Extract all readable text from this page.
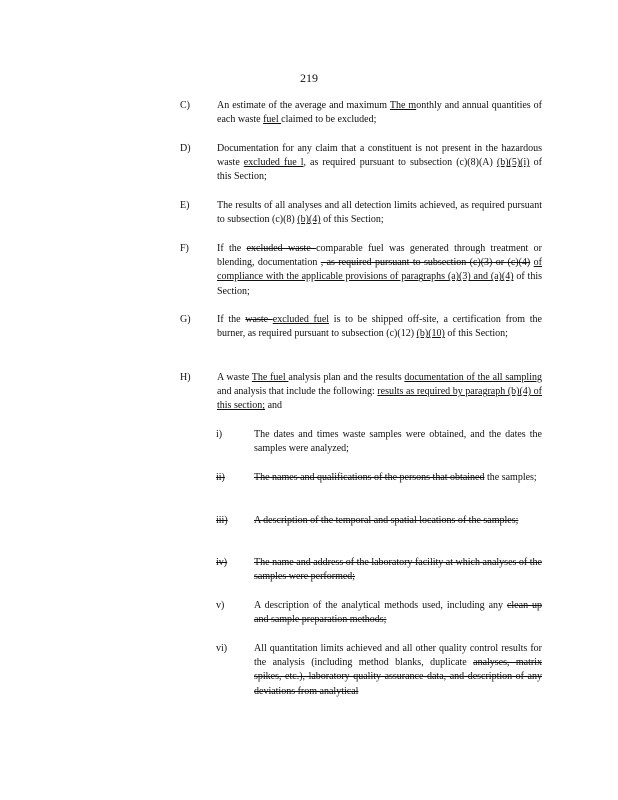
219
C)	An estimate of the average and maximum The monthly and annual quantities of each waste fuel claimed to be excluded;
D)	Documentation for any claim that a constituent is not present in the hazardous waste excluded fue l, as required pursuant to subsection (c)(8)(A) (b)(5)(i) of this Section;
E)	The results of all analyses and all detection limits achieved, as required pursuant to subsection (c)(8) (b)(4) of this Section;
F)	If the excluded waste comparable fuel was generated through treatment or blending, documentation , as required pursuant to subsection (c)(3) or (c)(4) of compliance with the applicable provisions of paragraphs (a)(3) and (a)(4) of this Section;
G)	If the waste excluded fuel is to be shipped off-site, a certification from the burner, as required pursuant to subsection (c)(12) (b)(10) of this Section;
H)	A waste The fuel analysis plan and the results documentation of the all sampling and analysis that include the following: results as required by paragraph (b)(4) of this section; and
i)	The dates and times waste samples were obtained, and the dates the samples were analyzed;
ii)	The names and qualifications of the persons that obtained the samples;
iii)	A description of the temporal and spatial locations of the samples;
iv)	The name and address of the laboratory facility at which analyses of the samples were performed;
v)	A description of the analytical methods used, including any clean up and sample preparation methods;
vi)	All quantitation limits achieved and all other quality control results for the analysis (including method blanks, duplicate analyses, matrix spikes, etc.), laboratory quality assurance data, and description of any deviations from analytical
